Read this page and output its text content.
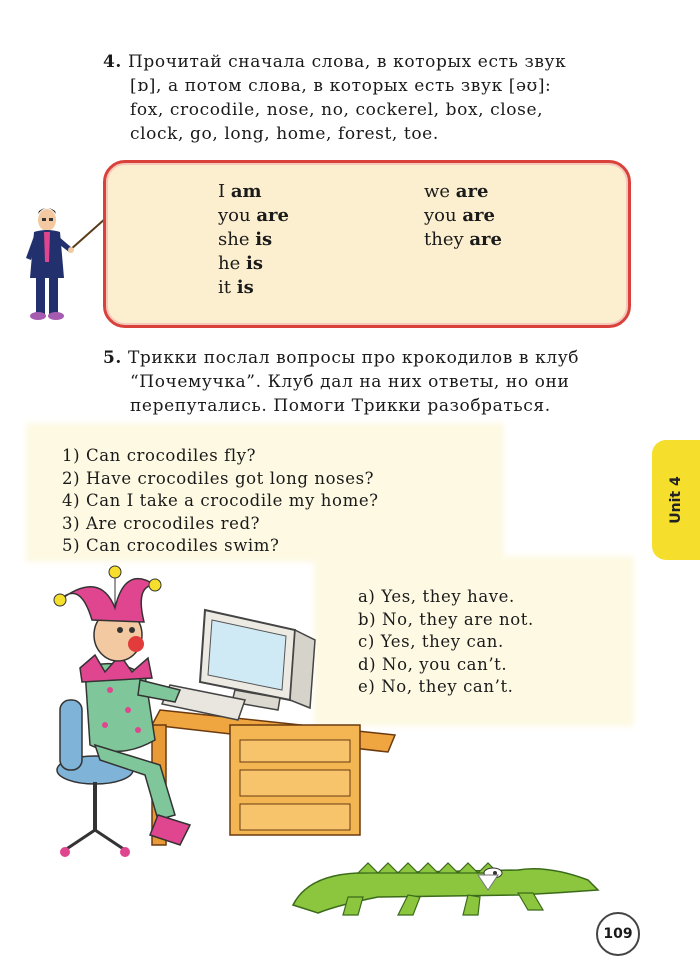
4. Прочитай сначала слова, в которых есть звук
[ɒ], а потом слова, в которых есть звук [əʊ]:
fox, crocodile, nose, no, cockerel, box, close,
clock, go, long, home, forest, toe.
I am
you are
she is
he is
it is
we are
you are
they are
5. Трикки послал вопросы про крокодилов в клуб
“Почемучка”. Клуб дал на них ответы, но они
перепутались. Помоги Трикки разобраться.
1) Can crocodiles fly?
2) Have crocodiles got long noses?
4) Can I take a crocodile my home?
3) Are crocodiles red?
5) Can crocodiles swim?
a) Yes, they have.
b) No, they are not.
c) Yes, they can.
d) No, you can’t.
e) No, they can’t.
Unit 4
109
